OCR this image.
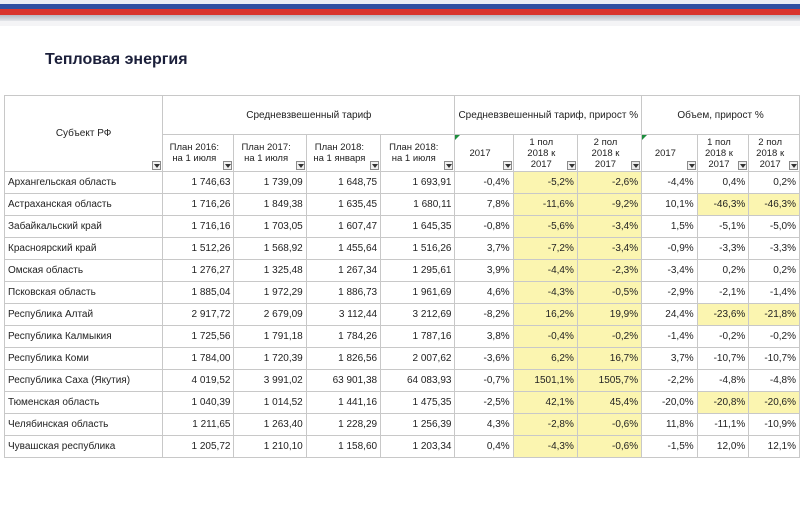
Тепловая энергия
Субъект РФ	Средневзвешенный тариф				Средневзвешенный тариф, прирост %			Объем, прирост %		
	План 2016: на 1 июля	План 2017: на 1 июля	План 2018: на 1 января	План 2018: на 1 июля	2017	1 пол 2018 к 2017	2 пол 2018 к 2017	2017	1 пол 2018 к 2017	2 пол 2018 к 2017

Архангельская область	1 746,63	1 739,09	1 648,75	1 693,91	-0,4%	-5,2%	-2,6%	-4,4%	0,4%	0,2%
Астраханская область	1 716,26	1 849,38	1 635,45	1 680,11	7,8%	-11,6%	-9,2%	10,1%	-46,3%	-46,3%
Забайкальский край	1 716,16	1 703,05	1 607,47	1 645,35	-0,8%	-5,6%	-3,4%	1,5%	-5,1%	-5,0%
Красноярский край	1 512,26	1 568,92	1 455,64	1 516,26	3,7%	-7,2%	-3,4%	-0,9%	-3,3%	-3,3%
Омская область	1 276,27	1 325,48	1 267,34	1 295,61	3,9%	-4,4%	-2,3%	-3,4%	0,2%	0,2%
Псковская область	1 885,04	1 972,29	1 886,73	1 961,69	4,6%	-4,3%	-0,5%	-2,9%	-2,1%	-1,4%
Республика Алтай	2 917,72	2 679,09	3 112,44	3 212,69	-8,2%	16,2%	19,9%	24,4%	-23,6%	-21,8%
Республика Калмыкия	1 725,56	1 791,18	1 784,26	1 787,16	3,8%	-0,4%	-0,2%	-1,4%	-0,2%	-0,2%
Республика Коми	1 784,00	1 720,39	1 826,56	2 007,62	-3,6%	6,2%	16,7%	3,7%	-10,7%	-10,7%
Республика Саха (Якутия)	4 019,52	3 991,02	63 901,38	64 083,93	-0,7%	1501,1%	1505,7%	-2,2%	-4,8%	-4,8%
Тюменская область	1 040,39	1 014,52	1 441,16	1 475,35	-2,5%	42,1%	45,4%	-20,0%	-20,8%	-20,6%
Челябинская область	1 211,65	1 263,40	1 228,29	1 256,39	4,3%	-2,8%	-0,6%	11,8%	-11,1%	-10,9%
Чувашская республика	1 205,72	1 210,10	1 158,60	1 203,34	0,4%	-4,3%	-0,6%	-1,5%	12,0%	12,1%
